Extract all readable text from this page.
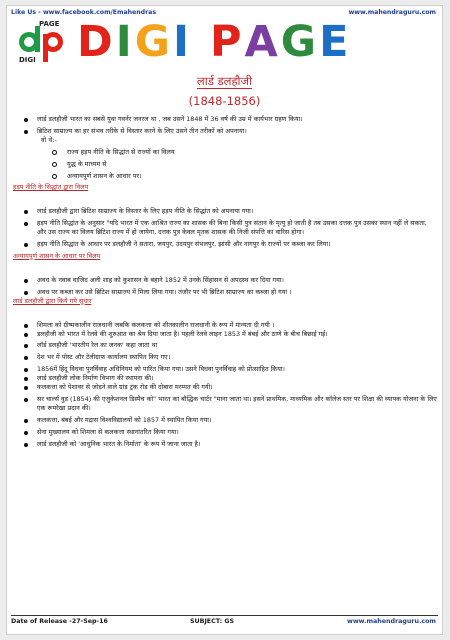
Like Us - www.facebook.com/Emahendras	www.mahendraguru.com
PAGE
DIGI DIGI PAGE
लार्ड डलहौजी
(1848-1856)
लार्ड डलहौजी भारत का सबसे युवा गवर्नर जनरल था , जब उसने 1848 में 36 वर्ष की उम्र में कार्यभार ग्रहण किया।
ब्रिटिश साम्राज्य का हर संभव तरीके से विस्तार करने के लिए उसने तीन तरीकों को अपनाया।
वो थे:-
राज्य हड़प नीति के सिद्धांत से राज्यों का विलय
युद्ध के माध्यम से
अन्यायपूर्ण शासन के आधार पर।
हड़प नीति के सिद्धांत द्वारा विलय
लार्ड डलहौजी द्वारा ब्रिटिश साम्राज्य के विस्तार के लिए हड़प नीति के सिद्धांत को अपनाया गया।
हड़प नीति सिद्धांत के अनुसार "यदि भारत में एक आश्रित राज्य का शासक की बिना किसी पुत्र संतान के मृत्यु हो जाती है तब उसका दत्तक पुत्र उसका स्थान नहीं ले सकता, और उस राज्य का विलय ब्रिटिश राज्य में हो जायेगा, दत्तक पुत्र केवल मृतक शासक की निजी संपत्ति का वारिस होगा।
हड़प नीति सिद्धांत के आधार पर डलहौजी ने सतारा, जयपुर, उदयपुर संभलपुर, झांसी और नागपुर के राज्यों पर कब्जा कर लिया।
अन्यायपूर्ण शासन के आधार पर विलय
अवध के नवाब वाजिद अली शाह को कुशासन के बहाने 1852 में उनके सिंहासन से अपदस्थ कर दिया गया।
अवध पर कब्जा कर उसे ब्रिटिश साम्राज्य में मिला लिया गया। तंजौर पर भी ब्रिटिश साम्राज्य का कब्जा हो गया ।
लार्ड डलहौजी द्वारा किये गये सुधार
शिमला को ग्रीष्मकालीन राजधानी जबकि कलकत्ता को शीतकालीन राजधानी के रूप में मान्यता दी गयी ।
डलहौजी को भारत में रेलवे की शुरुआत का श्रेय दिया जाता है। पहली रेलवे लाइन 1853 में बंबई और ठाणे के बीच बिछाई गई।
लॉर्ड डलहौजी 'भारतीय रेल का जनक' कहा जाता था
देश भर में पोस्ट और टेलीग्राफ कार्यालय स्थापित किए गए।
1856में हिंदू विधवा पुनर्विवाह अधिनियम को पारित किया गया। उसने विधवा पुनर्विवाह को प्रोत्साहित किया।
लार्ड डलहौजी लोक निर्माण विभाग की स्थापना की।
कलकत्ता को पेशावर से जोड़ने वाले ग्रांड ट्रंक रोड की दोबारा मरम्मत की गयी।
सर चार्ल्स वुड (1854) की एजुकेशनल डिस्पैच को" भारत का बौद्धिक चार्टर "माना जाता था। इसने प्राथमिक, माध्यमिक और कॉलेज स्तर पर शिक्षा की व्यापक योजना के लिए एक रूपरेखा प्रदान की।
कलकत्ता, बंबई और मद्रास विश्वविद्यालयों को 1857 में स्थापित किया गया।
सेना मुख्यालय को शिमला से कलकत्ता स्थानांतरित किया गया।
लार्ड डलहौजी को 'आधुनिक भारत के निर्माता' के रूप में जाना जाता है।
Date of Release -27-Sep-16	SUBJECT: GS	www.mahendraguru.com
